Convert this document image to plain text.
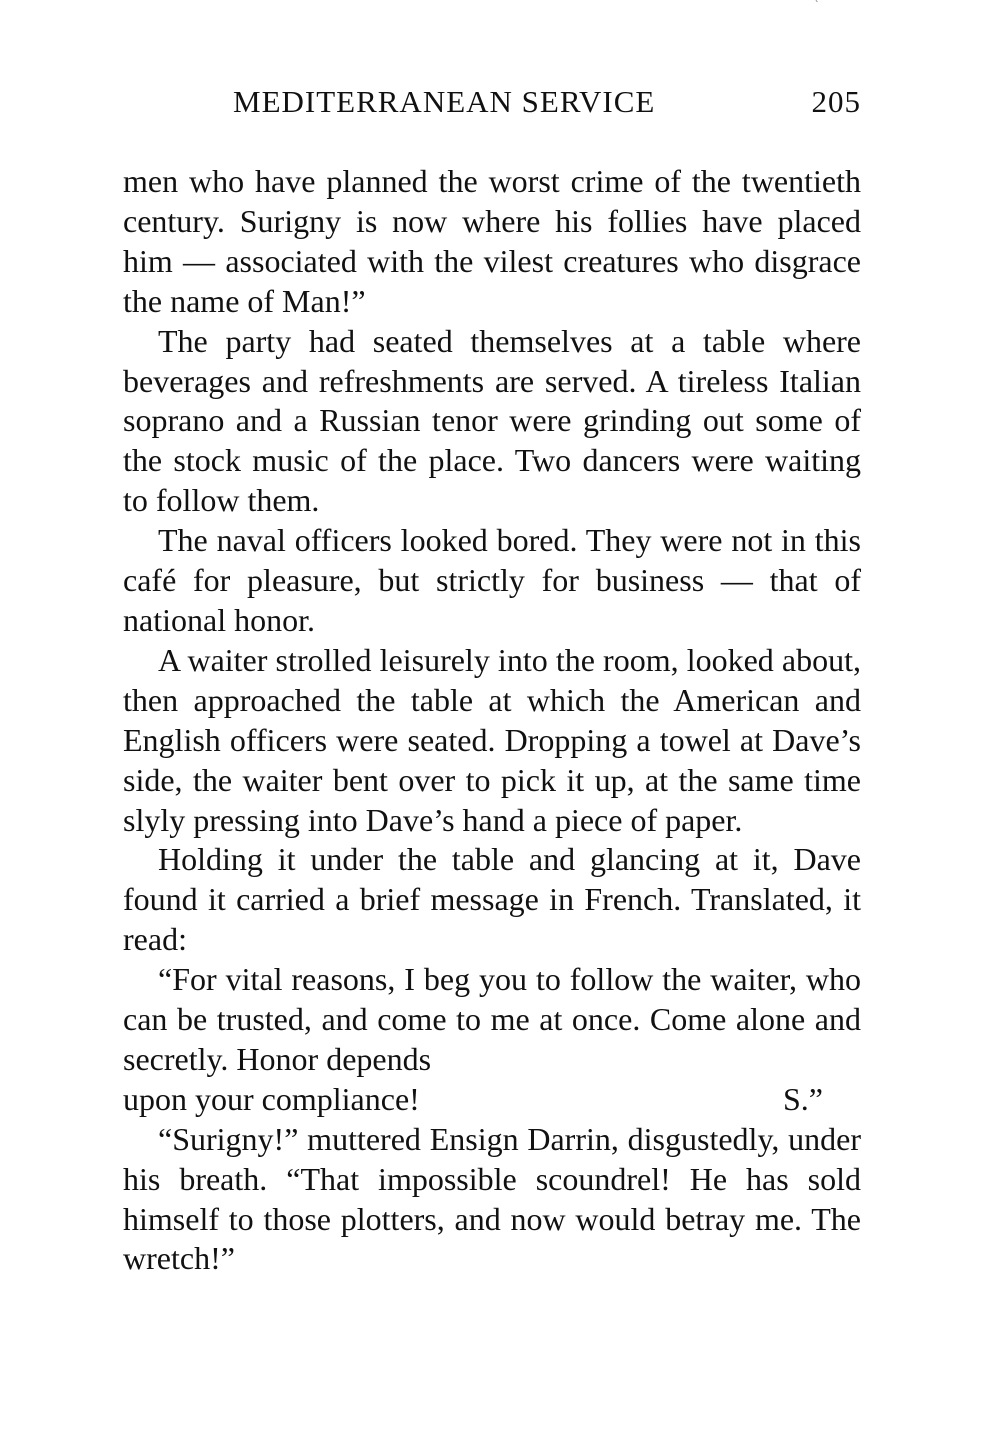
`
MEDITERRANEAN SERVICE	205

men who have planned the worst crime of the twentieth century. Surigny is now where his follies have placed him — associated with the vilest creatures who disgrace the name of Man!”

The party had seated themselves at a table where beverages and refreshments are served. A tireless Italian soprano and a Russian tenor were grinding out some of the stock music of the place. Two dancers were waiting to follow them.

The naval officers looked bored. They were not in this café for pleasure, but strictly for business — that of national honor.

A waiter strolled leisurely into the room, looked about, then approached the table at which the American and English officers were seated. Dropping a towel at Dave’s side, the waiter bent over to pick it up, at the same time slyly pressing into Dave’s hand a piece of paper.

Holding it under the table and glancing at it, Dave found it carried a brief message in French. Translated, it read:

“For vital reasons, I beg you to follow the waiter, who can be trusted, and come to me at once. Come alone and secretly. Honor depends

upon your compliance!	S.”

“Surigny!” muttered Ensign Darrin, disgustedly, under his breath. “That impossible scoundrel! He has sold himself to those plotters, and now would betray me. The wretch!”
